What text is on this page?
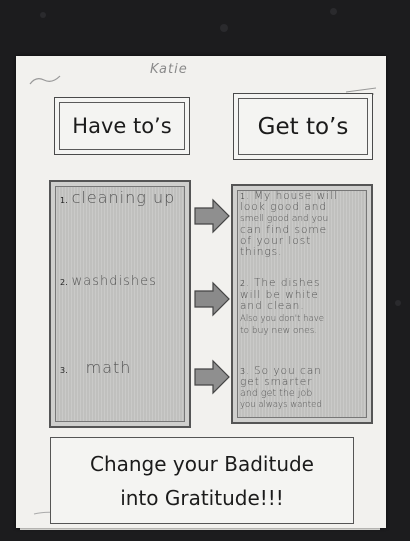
Katie
Have to’s	Get to’s
1. cleaning up
2. washdishes
3. math
1. My house will
look good and
smell good and you
can find some
of your lost
things.
2. The dishes
will be white
and clean.
Also you don't have
to buy new ones.
3. So you can
get smarter
and get the job
you always wanted
Change your Baditude
into Gratitude!!!
